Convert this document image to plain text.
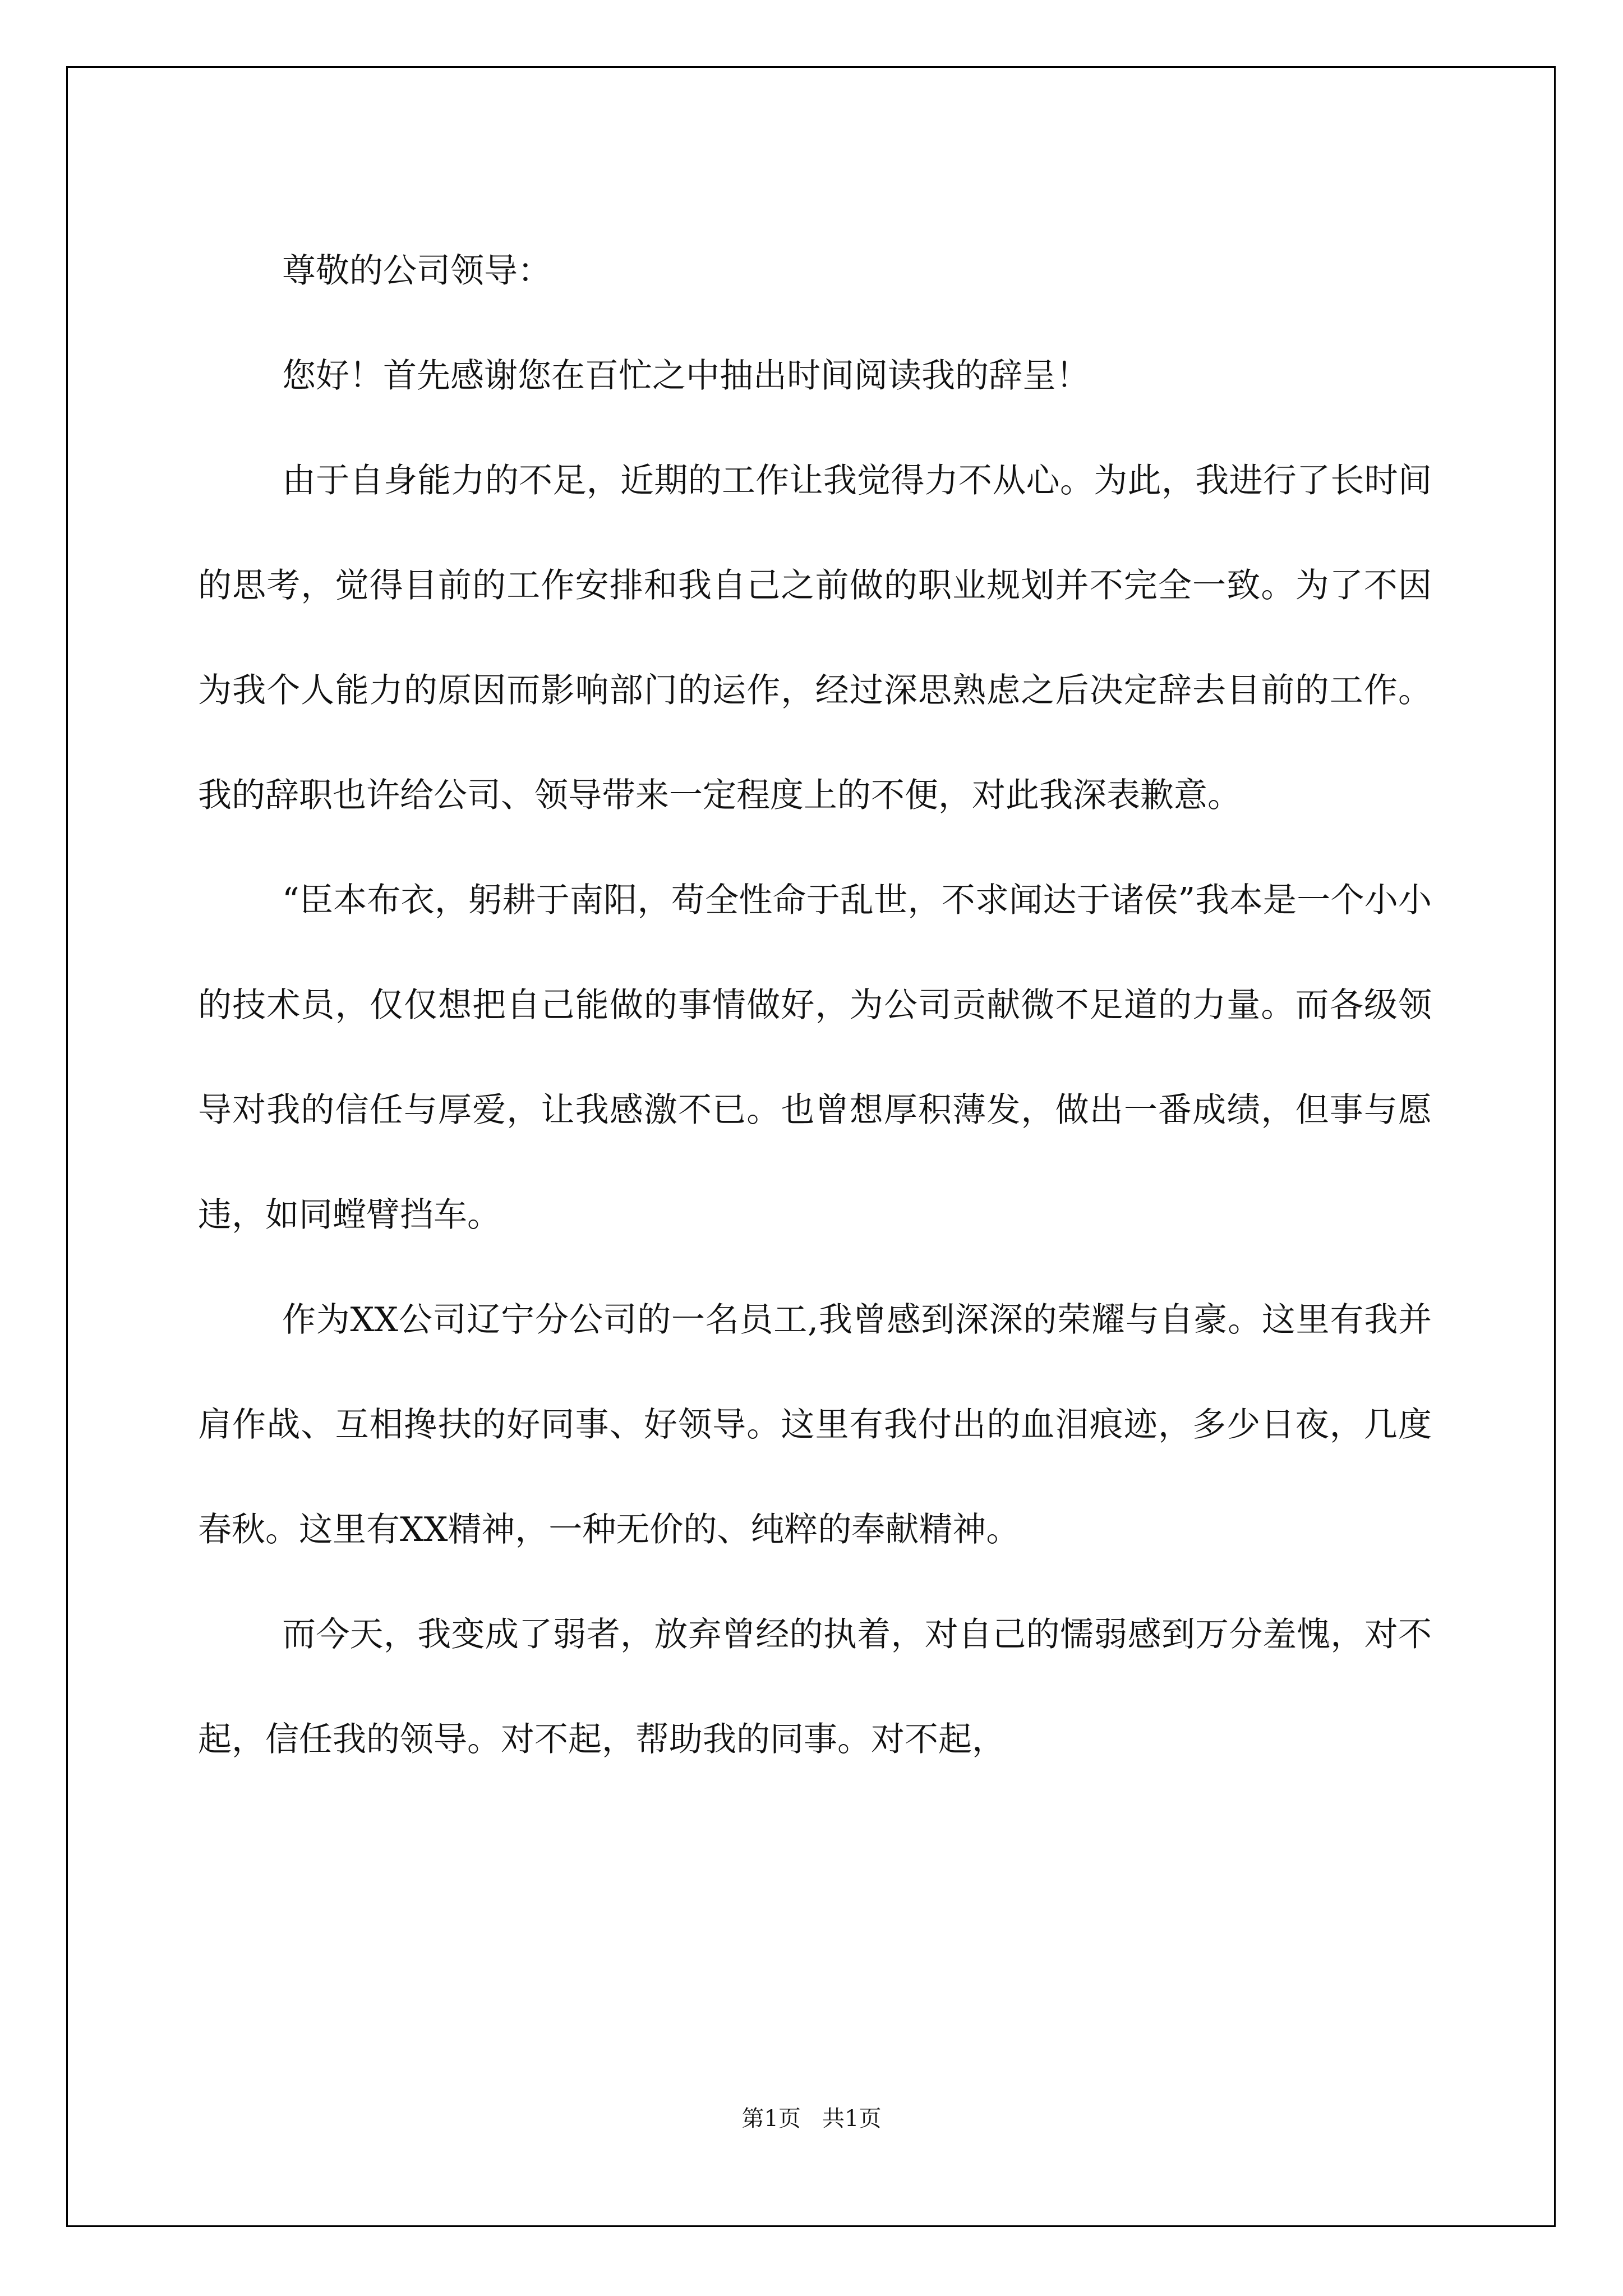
尊敬的公司领导：

您好！首先感谢您在百忙之中抽出时间阅读我的辞呈！

由于自身能力的不足，近期的工作让我觉得力不从心。为此，我进行了长时间的思考，觉得目前的工作安排和我自己之前做的职业规划并不完全一致。为了不因为我个人能力的原因而影响部门的运作，经过深思熟虑之后决定辞去目前的工作。我的辞职也许给公司、领导带来一定程度上的不便，对此我深表歉意。

“臣本布衣，躬耕于南阳，苟全性命于乱世，不求闻达于诸侯”我本是一个小小的技术员，仅仅想把自己能做的事情做好，为公司贡献微不足道的力量。而各级领导对我的信任与厚爱，让我感激不已。也曾想厚积薄发，做出一番成绩，但事与愿违，如同螳臂挡车。

作为XX公司辽宁分公司的一名员工,我曾感到深深的荣耀与自豪。这里有我并肩作战、互相搀扶的好同事、好领导。这里有我付出的血泪痕迹，多少日夜，几度春秋。这里有XX精神，一种无价的、纯粹的奉献精神。

而今天，我变成了弱者，放弃曾经的执着，对自己的懦弱感到万分羞愧，对不起，信任我的领导。对不起，帮助我的同事。对不起，

第1页   共1页
